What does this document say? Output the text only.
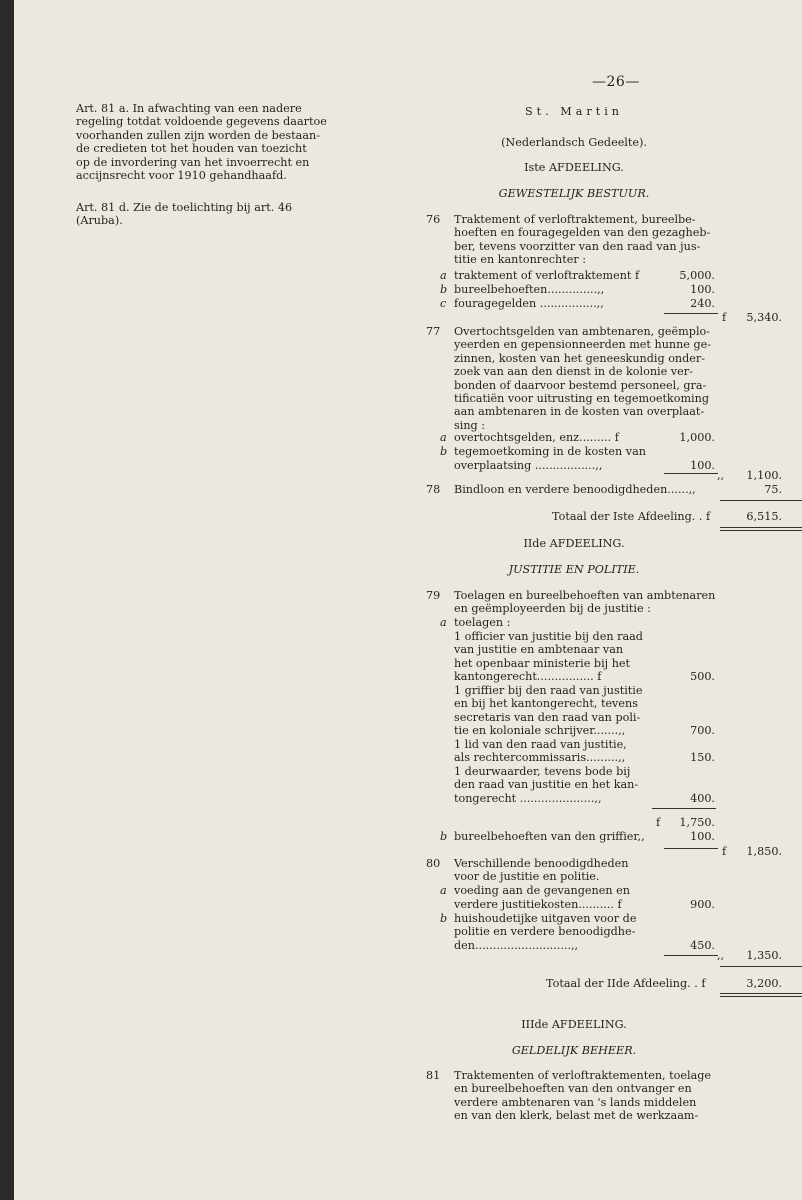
—26—
Art. 81 a. In afwachting van een nadere
regeling totdat voldoende gegevens daartoe
voorhanden zullen zijn worden de bestaan-
de credieten tot het houden van toezicht
op de invordering van het invoerrecht en
accijnsrecht voor 1910 gehandhaafd.
Art. 81 d. Zie de toelichting bij art. 46
(Aruba).
St. Martin
(Nederlandsch Gedeelte).
Iste AFDEELING.
GEWESTELIJK BESTUUR.
76 Traktement of verloftraktement, bureelbe-
hoeften en fouragegelden van den gezagheb-
ber, tevens voorzitter van den raad van jus-
titie en kantonrechter :
a traktement of verloftraktement f	5,000.
b bureelbehoeften..............,,	100.
c fouragegelden ................,,	240.
f	5,340.
77 Overtochtsgelden van ambtenaren, geëmplo-
yeerden en gepensionneerden met hunne ge-
zinnen, kosten van het geneeskundig onder-
zoek van aan den dienst in de kolonie ver-
bonden of daarvoor bestemd personeel, gra-
tificatiën voor uitrusting en tegemoetkoming
aan ambtenaren in de kosten van overplaat-
sing :
a overtochtsgelden, enz......... f	1,000.
b tegemoetkoming in de kosten van
overplaatsing .................,,	100.
,,	1,100.
78 Bindloon en verdere benoodigdheden......,,	75.
Totaal der Iste Afdeeling. . f	6,515.
IIde AFDEELING.
JUSTITIE EN POLITIE.
79 Toelagen en bureelbehoeften van ambtenaren
en geëmployeerden bij de justitie :
a toelagen :
1 officier van justitie bij den raad
van justitie en ambtenaar van
het openbaar ministerie bij het
kantongerecht................ f	500.
1 griffier bij den raad van justitie
en bij het kantongerecht, tevens
secretaris van den raad van poli-
tie en koloniale schrijver.......,,	700.
1 lid van den raad van justitie,
als rechtercommissaris.........,,	150.
1 deurwaarder, tevens bode bij
den raad van justitie en het kan-
tongerecht .....................,,	400.
f	1,750.
b bureelbehoeften van den griffier,,	100.
f	1,850.
80 Verschillende benoodigdheden
voor de justitie en politie.
a voeding aan de gevangenen en
verdere justitiekosten.......... f	900.
b huishoudetijke uitgaven voor de
politie en verdere benoodigdhe-
den...........................,,	450.
,,	1,350.
Totaal der IIde Afdeeling. . f	3,200.
IIIde AFDEELING.
GELDELIJK BEHEER.
81 Traktementen of verloftraktementen, toelage
en bureelbehoeften van den ontvanger en
verdere ambtenaren van 's lands middelen
en van den klerk, belast met de werkzaam-
